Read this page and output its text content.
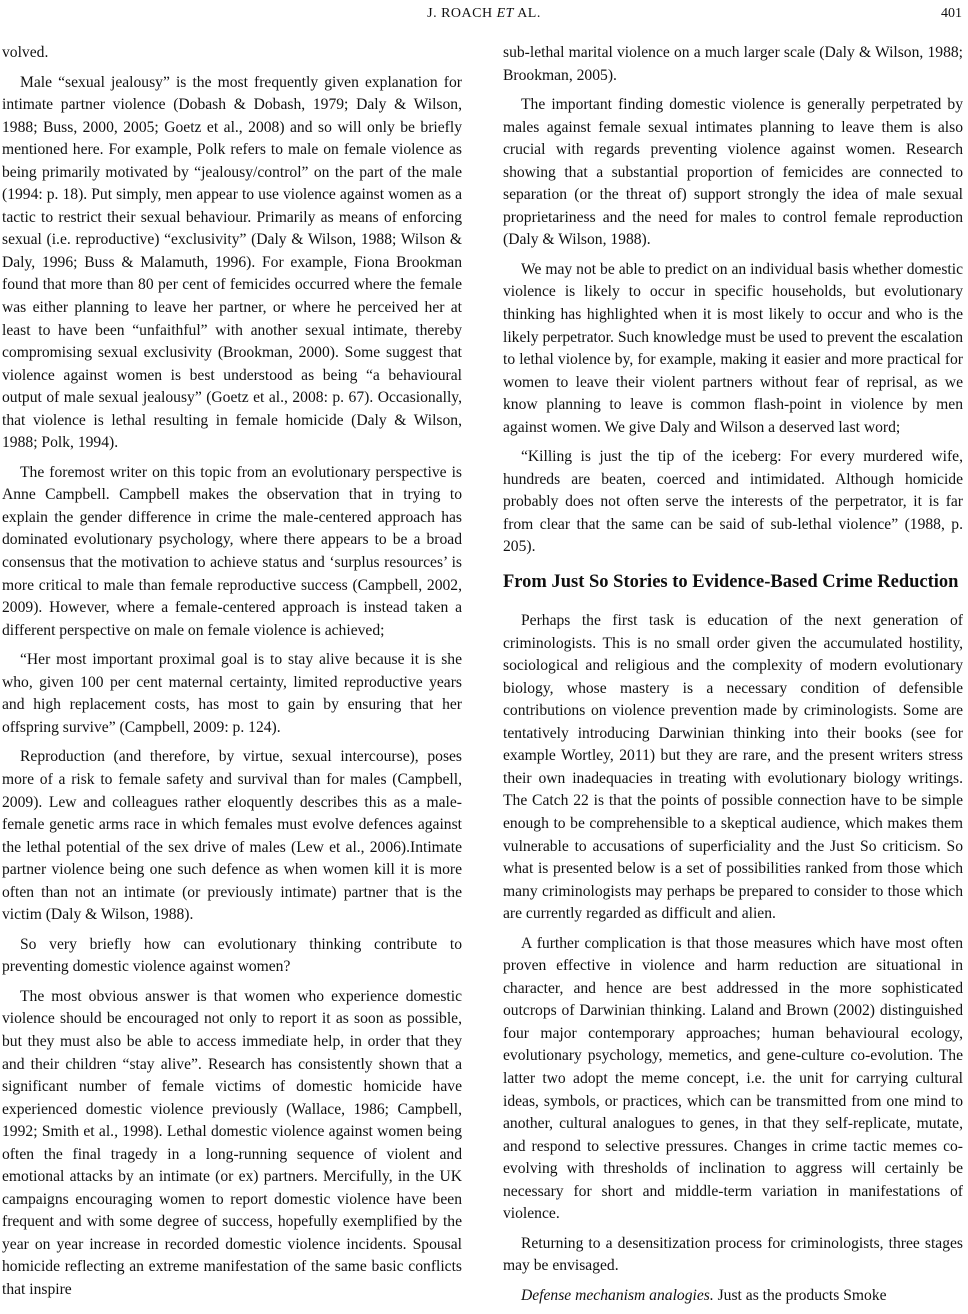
J. ROACH ET AL.	401

volved.

Male “sexual jealousy” is the most frequently given explanation for intimate partner violence (Dobash & Dobash, 1979; Daly & Wilson, 1988; Buss, 2000, 2005; Goetz et al., 2008) and so will only be briefly mentioned here. For example, Polk refers to male on female violence as being primarily motivated by “jealousy/control” on the part of the male (1994: p. 18). Put simply, men appear to use violence against women as a tactic to restrict their sexual behaviour. Primarily as means of enforcing sexual (i.e. reproductive) “exclusivity” (Daly & Wilson, 1988; Wilson & Daly, 1996; Buss & Malamuth, 1996). For example, Fiona Brookman found that more than 80 per cent of femicides occurred where the female was either planning to leave her partner, or where he perceived her at least to have been “unfaithful” with another sexual intimate, thereby compromising sexual exclusivity (Brookman, 2000). Some suggest that violence against women is best understood as being “a behavioural output of male sexual jealousy” (Goetz et al., 2008: p. 67). Occasionally, that violence is lethal resulting in female homicide (Daly & Wilson, 1988; Polk, 1994).

The foremost writer on this topic from an evolutionary perspective is Anne Campbell. Campbell makes the observation that in trying to explain the gender difference in crime the male-centered approach has dominated evolutionary psychology, where there appears to be a broad consensus that the motivation to achieve status and ‘surplus resources’ is more critical to male than female reproductive success (Campbell, 2002, 2009). However, where a female-centered approach is instead taken a different perspective on male on female violence is achieved;

“Her most important proximal goal is to stay alive because it is she who, given 100 per cent maternal certainty, limited reproductive years and high replacement costs, has most to gain by ensuring that her offspring survive” (Campbell, 2009: p. 124).

Reproduction (and therefore, by virtue, sexual intercourse), poses more of a risk to female safety and survival than for males (Campbell, 2009). Lew and colleagues rather eloquently describes this as a male-female genetic arms race in which females must evolve defences against the lethal potential of the sex drive of males (Lew et al., 2006).Intimate partner violence being one such defence as when women kill it is more often than not an intimate (or previously intimate) partner that is the victim (Daly & Wilson, 1988).

So very briefly how can evolutionary thinking contribute to preventing domestic violence against women?

The most obvious answer is that women who experience domestic violence should be encouraged not only to report it as soon as possible, but they must also be able to access immediate help, in order that they and their children “stay alive”. Research has consistently shown that a significant number of female victims of domestic homicide have experienced domestic violence previously (Wallace, 1986; Campbell, 1992; Smith et al., 1998). Lethal domestic violence against women being often the final tragedy in a long-running sequence of violent and emotional attacks by an intimate (or ex) partners. Mercifully, in the UK campaigns encouraging women to report domestic violence have been frequent and with some degree of success, hopefully exemplified by the year on year increase in recorded domestic violence incidents. Spousal homicide reflecting an extreme manifestation of the same basic conflicts that inspire

sub-lethal marital violence on a much larger scale (Daly & Wilson, 1988; Brookman, 2005).

The important finding domestic violence is generally perpetrated by males against female sexual intimates planning to leave them is also crucial with regards preventing violence against women. Research showing that a substantial proportion of femicides are connected to separation (or the threat of) support strongly the idea of male sexual proprietariness and the need for males to control female reproduction (Daly & Wilson, 1988).

We may not be able to predict on an individual basis whether domestic violence is likely to occur in specific households, but evolutionary thinking has highlighted when it is most likely to occur and who is the likely perpetrator. Such knowledge must be used to prevent the escalation to lethal violence by, for example, making it easier and more practical for women to leave their violent partners without fear of reprisal, as we know planning to leave is common flash-point in violence by men against women. We give Daly and Wilson a deserved last word;

“Killing is just the tip of the iceberg: For every murdered wife, hundreds are beaten, coerced and intimidated. Although homicide probably does not often serve the interests of the perpetrator, it is far from clear that the same can be said of sub-lethal violence” (1988, p. 205).

From Just So Stories to Evidence-Based Crime Reduction

Perhaps the first task is education of the next generation of criminologists. This is no small order given the accumulated hostility, sociological and religious and the complexity of modern evolutionary biology, whose mastery is a necessary condition of defensible contributions on violence prevention made by criminologists. Some are tentatively introducing Darwinian thinking into their books (see for example Wortley, 2011) but they are rare, and the present writers stress their own inadequacies in treating with evolutionary biology writings. The Catch 22 is that the points of possible connection have to be simple enough to be comprehensible to a skeptical audience, which makes them vulnerable to accusations of superficiality and the Just So criticism. So what is presented below is a set of possibilities ranked from those which many criminologists may perhaps be prepared to consider to those which are currently regarded as difficult and alien.

A further complication is that those measures which have most often proven effective in violence and harm reduction are situational in character, and hence are best addressed in the more sophisticated outcrops of Darwinian thinking. Laland and Brown (2002) distinguished four major contemporary approaches; human behavioural ecology, evolutionary psychology, memetics, and gene-culture co-evolution. The latter two adopt the meme concept, i.e. the unit for carrying cultural ideas, symbols, or practices, which can be transmitted from one mind to another, cultural analogues to genes, in that they self-replicate, mutate, and respond to selective pressures. Changes in crime tactic memes co-evolving with thresholds of inclination to aggress will certainly be necessary for short and middle-term variation in manifestations of violence.

Returning to a desensitization process for criminologists, three stages may be envisaged.

Defense mechanism analogies. Just as the products Smoke
